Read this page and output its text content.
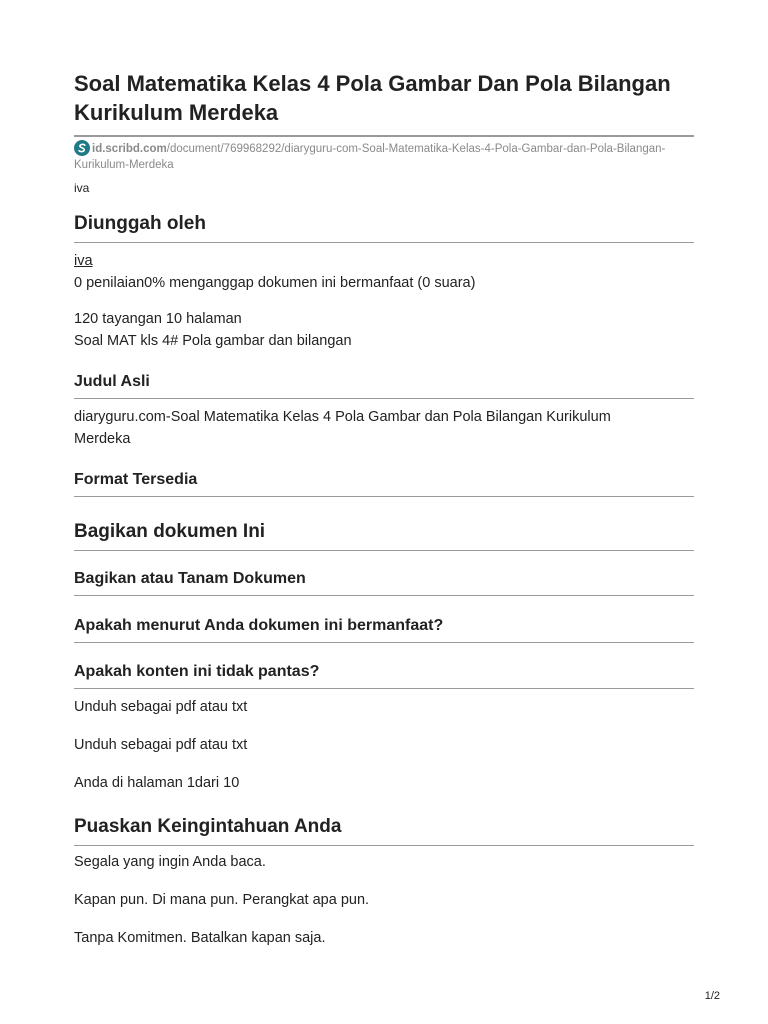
Soal Matematika Kelas 4 Pola Gambar Dan Pola Bilangan Kurikulum Merdeka
id.scribd.com/document/769968292/diaryguru-com-Soal-Matematika-Kelas-4-Pola-Gambar-dan-Pola-Bilangan-Kurikulum-Merdeka
iva
Diunggah oleh
iva

0 penilaian0% menganggap dokumen ini bermanfaat (0 suara)

120 tayangan 10 halaman

Soal MAT kls 4# Pola gambar dan bilangan

Judul Asli

diaryguru.com-Soal Matematika Kelas 4 Pola Gambar dan Pola Bilangan Kurikulum Merdeka

Format Tersedia
Bagikan dokumen Ini
Bagikan atau Tanam Dokumen
Apakah menurut Anda dokumen ini bermanfaat?
Apakah konten ini tidak pantas?

Unduh sebagai pdf atau txt

Unduh sebagai pdf atau txt

Anda di halaman 1dari 10

Puaskan Keingintahuan Anda

Segala yang ingin Anda baca.

Kapan pun. Di mana pun. Perangkat apa pun.

Tanpa Komitmen. Batalkan kapan saja.

1/2
